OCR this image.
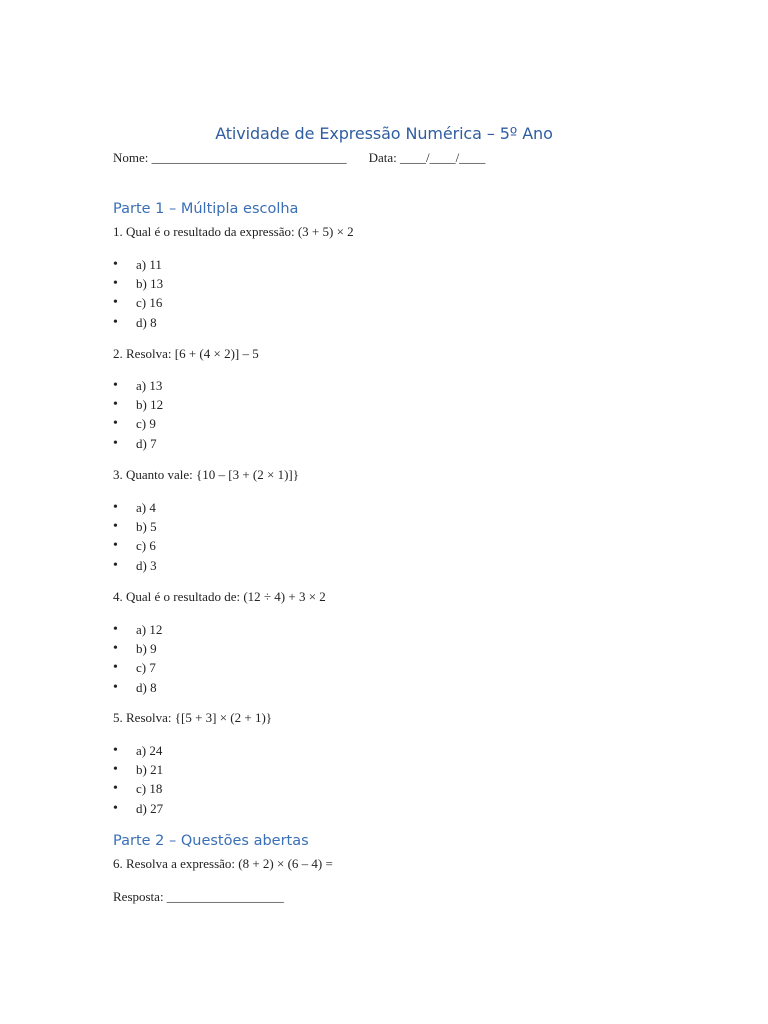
Atividade de Expressão Numérica – 5º Ano
Nome: ______________________________ Data: ____/____/____
Parte 1 – Múltipla escolha
1. Qual é o resultado da expressão: (3 + 5) × 2
• a) 11
• b) 13
• c) 16
• d) 8
2. Resolva: [6 + (4 × 2)] – 5
• a) 13
• b) 12
• c) 9
• d) 7
3. Quanto vale: {10 – [3 + (2 × 1)]}
• a) 4
• b) 5
• c) 6
• d) 3
4. Qual é o resultado de: (12 ÷ 4) + 3 × 2
• a) 12
• b) 9
• c) 7
• d) 8
5. Resolva: {[5 + 3] × (2 + 1)}
• a) 24
• b) 21
• c) 18
• d) 27
Parte 2 – Questões abertas
6. Resolva a expressão: (8 + 2) × (6 – 4) =
Resposta: __________________
